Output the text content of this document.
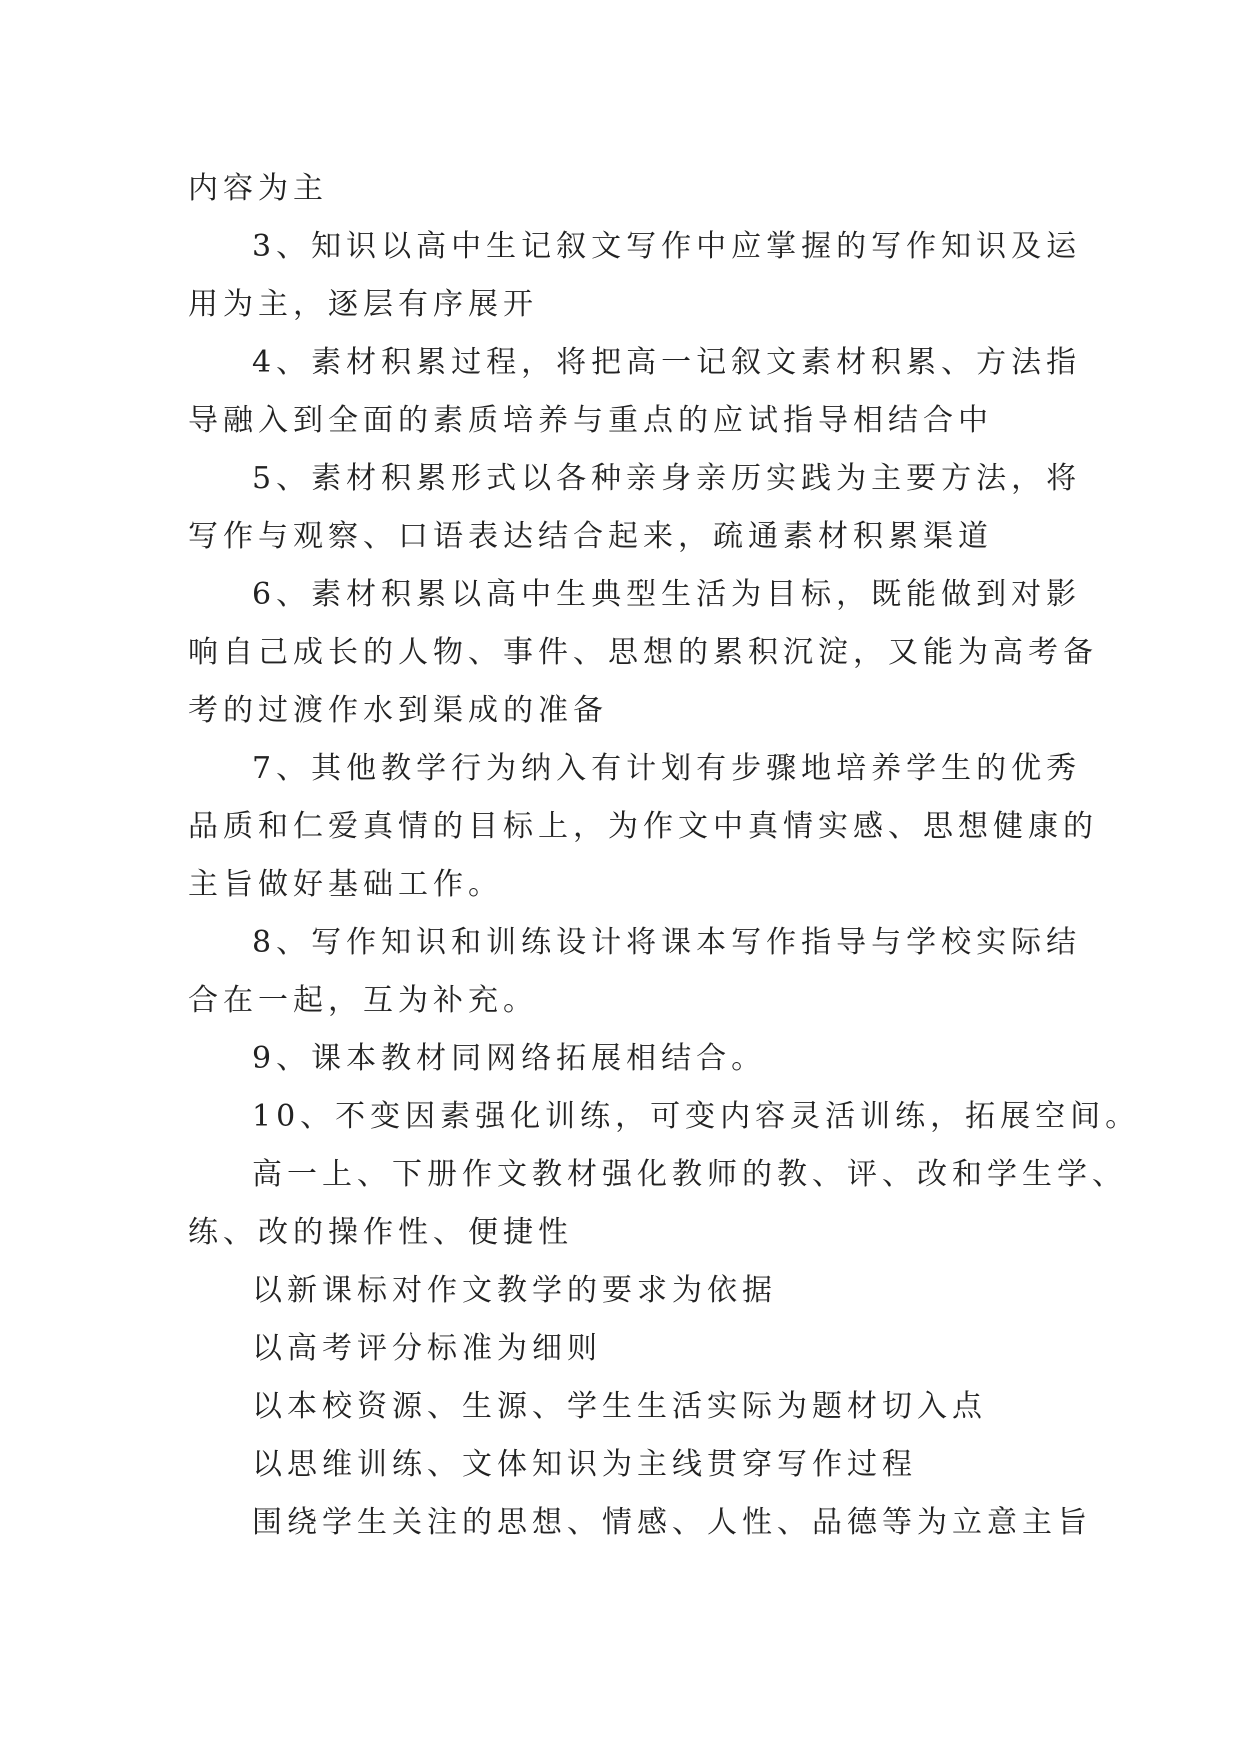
内容为主
3、知识以高中生记叙文写作中应掌握的写作知识及运
用为主，逐层有序展开
4、素材积累过程，将把高一记叙文素材积累、方法指
导融入到全面的素质培养与重点的应试指导相结合中
5、素材积累形式以各种亲身亲历实践为主要方法，将
写作与观察、口语表达结合起来，疏通素材积累渠道
6、素材积累以高中生典型生活为目标，既能做到对影
响自己成长的人物、事件、思想的累积沉淀，又能为高考备
考的过渡作水到渠成的准备
7、其他教学行为纳入有计划有步骤地培养学生的优秀
品质和仁爱真情的目标上，为作文中真情实感、思想健康的
主旨做好基础工作。
8、写作知识和训练设计将课本写作指导与学校实际结
合在一起，互为补充。
9、课本教材同网络拓展相结合。
10、不变因素强化训练，可变内容灵活训练，拓展空间。
高一上、下册作文教材强化教师的教、评、改和学生学、
练、改的操作性、便捷性
以新课标对作文教学的要求为依据
以高考评分标准为细则
以本校资源、生源、学生生活实际为题材切入点
以思维训练、文体知识为主线贯穿写作过程
围绕学生关注的思想、情感、人性、品德等为立意主旨
